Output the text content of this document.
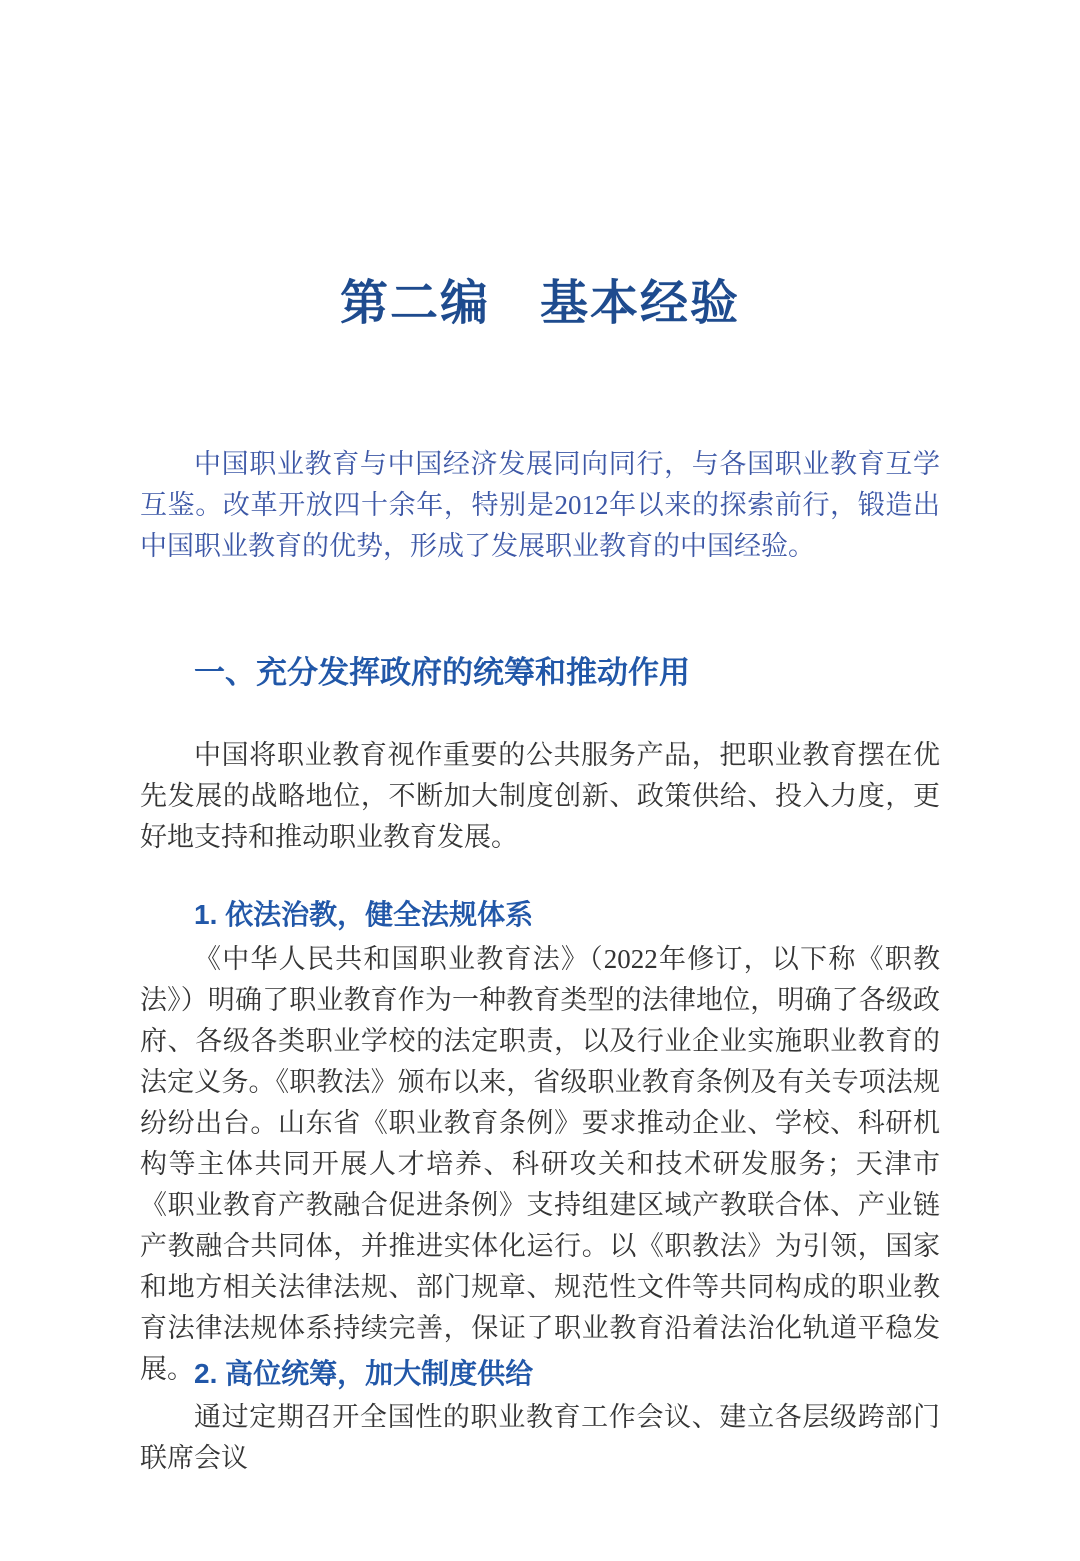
第二编　基本经验

中国职业教育与中国经济发展同向同行，与各国职业教育互学互鉴。改革开放四十余年，特别是2012年以来的探索前行，锻造出中国职业教育的优势，形成了发展职业教育的中国经验。

一、充分发挥政府的统筹和推动作用

中国将职业教育视作重要的公共服务产品，把职业教育摆在优先发展的战略地位，不断加大制度创新、政策供给、投入力度，更好地支持和推动职业教育发展。

1. 依法治教，健全法规体系

《中华人民共和国职业教育法》（2022年修订，以下称《职教法》）明确了职业教育作为一种教育类型的法律地位，明确了各级政府、各级各类职业学校的法定职责，以及行业企业实施职业教育的法定义务。《职教法》颁布以来，省级职业教育条例及有关专项法规纷纷出台。山东省《职业教育条例》要求推动企业、学校、科研机构等主体共同开展人才培养、科研攻关和技术研发服务；天津市《职业教育产教融合促进条例》支持组建区域产教联合体、产业链产教融合共同体，并推进实体化运行。以《职教法》为引领，国家和地方相关法律法规、部门规章、规范性文件等共同构成的职业教育法律法规体系持续完善，保证了职业教育沿着法治化轨道平稳发展。 2. 高位统筹，加大制度供给

通过定期召开全国性的职业教育工作会议、建立各层级跨部门联席会议
